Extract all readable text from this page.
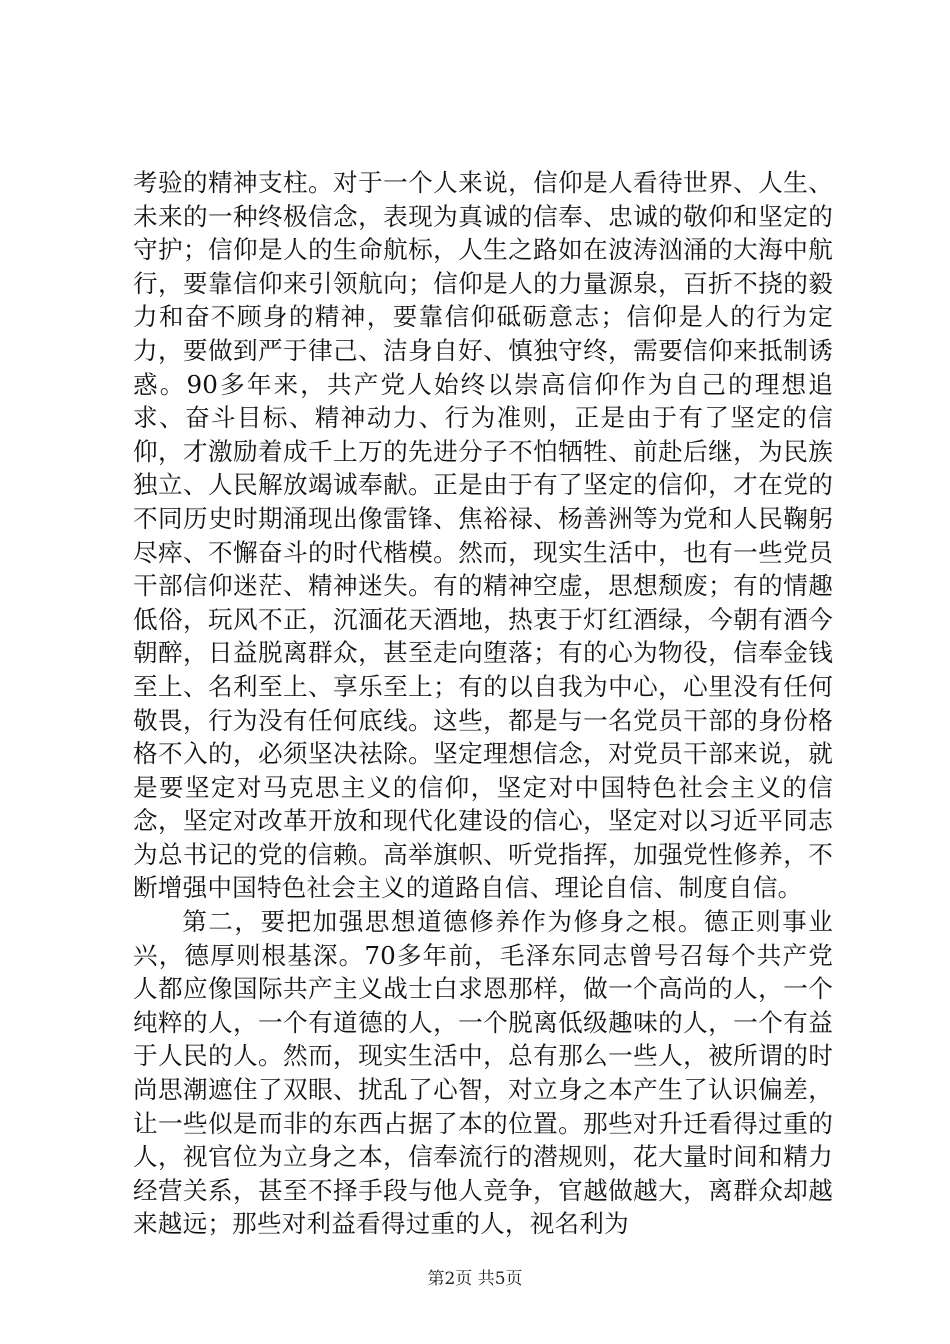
考验的精神支柱。对于一个人来说，信仰是人看待世界、人生、未来的一种终极信念，表现为真诚的信奉、忠诚的敬仰和坚定的守护；信仰是人的生命航标，人生之路如在波涛汹涌的大海中航行，要靠信仰来引领航向；信仰是人的力量源泉，百折不挠的毅力和奋不顾身的精神，要靠信仰砥砺意志；信仰是人的行为定力，要做到严于律己、洁身自好、慎独守终，需要信仰来抵制诱惑。90多年来，共产党人始终以崇高信仰作为自己的理想追求、奋斗目标、精神动力、行为准则，正是由于有了坚定的信仰，才激励着成千上万的先进分子不怕牺牲、前赴后继，为民族独立、人民解放竭诚奉献。正是由于有了坚定的信仰，才在党的不同历史时期涌现出像雷锋、焦裕禄、杨善洲等为党和人民鞠躬尽瘁、不懈奋斗的时代楷模。然而，现实生活中，也有一些党员干部信仰迷茫、精神迷失。有的精神空虚，思想颓废；有的情趣低俗，玩风不正，沉湎花天酒地，热衷于灯红酒绿，今朝有酒今朝醉，日益脱离群众，甚至走向堕落；有的心为物役，信奉金钱至上、名利至上、享乐至上；有的以自我为中心，心里没有任何敬畏，行为没有任何底线。这些，都是与一名党员干部的身份格格不入的，必须坚决祛除。坚定理想信念，对党员干部来说，就是要坚定对马克思主义的信仰，坚定对中国特色社会主义的信念，坚定对改革开放和现代化建设的信心，坚定对以习近平同志为总书记的党的信赖。高举旗帜、听党指挥，加强党性修养，不断增强中国特色社会主义的道路自信、理论自信、制度自信。

第二，要把加强思想道德修养作为修身之根。德正则事业兴，德厚则根基深。70多年前，毛泽东同志曾号召每个共产党人都应像国际共产主义战士白求恩那样，做一个高尚的人，一个纯粹的人，一个有道德的人，一个脱离低级趣味的人，一个有益于人民的人。然而，现实生活中，总有那么一些人，被所谓的时尚思潮遮住了双眼、扰乱了心智，对立身之本产生了认识偏差，让一些似是而非的东西占据了本的位置。那些对升迁看得过重的人，视官位为立身之本，信奉流行的潜规则，花大量时间和精力经营关系，甚至不择手段与他人竞争，官越做越大，离群众却越来越远；那些对利益看得过重的人，视名利为

第2页 共5页
